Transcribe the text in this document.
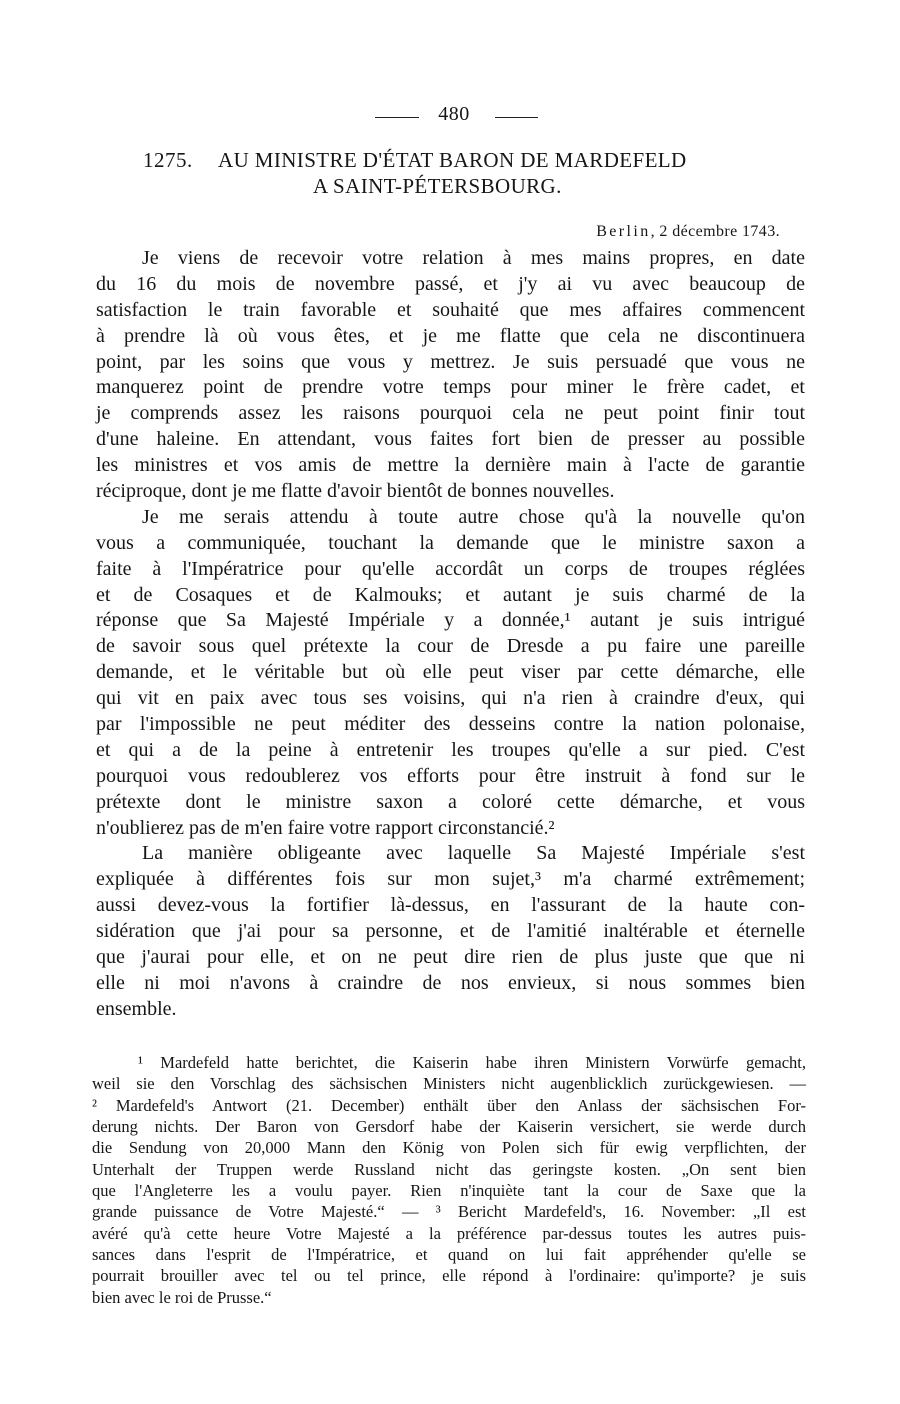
480
1275. AU MINISTRE D'ÉTAT BARON DE MARDEFELD
A SAINT-PÉTERSBOURG.
Berlin, 2 décembre 1743.
Je viens de recevoir votre relation à mes mains propres, en date
du 16 du mois de novembre passé, et j'y ai vu avec beaucoup de
satisfaction le train favorable et souhaité que mes affaires commencent
à prendre là où vous êtes, et je me flatte que cela ne discontinuera
point, par les soins que vous y mettrez. Je suis persuadé que vous ne
manquerez point de prendre votre temps pour miner le frère cadet, et
je comprends assez les raisons pourquoi cela ne peut point finir tout
d'une haleine. En attendant, vous faites fort bien de presser au possible
les ministres et vos amis de mettre la dernière main à l'acte de garantie
réciproque, dont je me flatte d'avoir bientôt de bonnes nouvelles.
Je me serais attendu à toute autre chose qu'à la nouvelle qu'on
vous a communiquée, touchant la demande que le ministre saxon a
faite à l'Impératrice pour qu'elle accordât un corps de troupes réglées
et de Cosaques et de Kalmouks; et autant je suis charmé de la
réponse que Sa Majesté Impériale y a donnée,¹ autant je suis intrigué
de savoir sous quel prétexte la cour de Dresde a pu faire une pareille
demande, et le véritable but où elle peut viser par cette démarche, elle
qui vit en paix avec tous ses voisins, qui n'a rien à craindre d'eux, qui
par l'impossible ne peut méditer des desseins contre la nation polonaise,
et qui a de la peine à entretenir les troupes qu'elle a sur pied. C'est
pourquoi vous redoublerez vos efforts pour être instruit à fond sur le
prétexte dont le ministre saxon a coloré cette démarche, et vous
n'oublierez pas de m'en faire votre rapport circonstancié.²
La manière obligeante avec laquelle Sa Majesté Impériale s'est
expliquée à différentes fois sur mon sujet,³ m'a charmé extrêmement;
aussi devez-vous la fortifier là-dessus, en l'assurant de la haute con-
sidération que j'ai pour sa personne, et de l'amitié inaltérable et éternelle
que j'aurai pour elle, et on ne peut dire rien de plus juste que que ni
elle ni moi n'avons à craindre de nos envieux, si nous sommes bien
ensemble.
¹ Mardefeld hatte berichtet, die Kaiserin habe ihren Ministern Vorwürfe gemacht,
weil sie den Vorschlag des sächsischen Ministers nicht augenblicklich zurückgewiesen. —
² Mardefeld's Antwort (21. December) enthält über den Anlass der sächsischen For-
derung nichts. Der Baron von Gersdorf habe der Kaiserin versichert, sie werde durch
die Sendung von 20,000 Mann den König von Polen sich für ewig verpflichten, der
Unterhalt der Truppen werde Russland nicht das geringste kosten. „On sent bien
que l'Angleterre les a voulu payer. Rien n'inquiète tant la cour de Saxe que la
grande puissance de Votre Majesté.“ — ³ Bericht Mardefeld's, 16. November: „Il est
avéré qu'à cette heure Votre Majesté a la préférence par-dessus toutes les autres puis-
sances dans l'esprit de l'Impératrice, et quand on lui fait appréhender qu'elle se
pourrait brouiller avec tel ou tel prince, elle répond à l'ordinaire: qu'importe? je suis
bien avec le roi de Prusse.“
